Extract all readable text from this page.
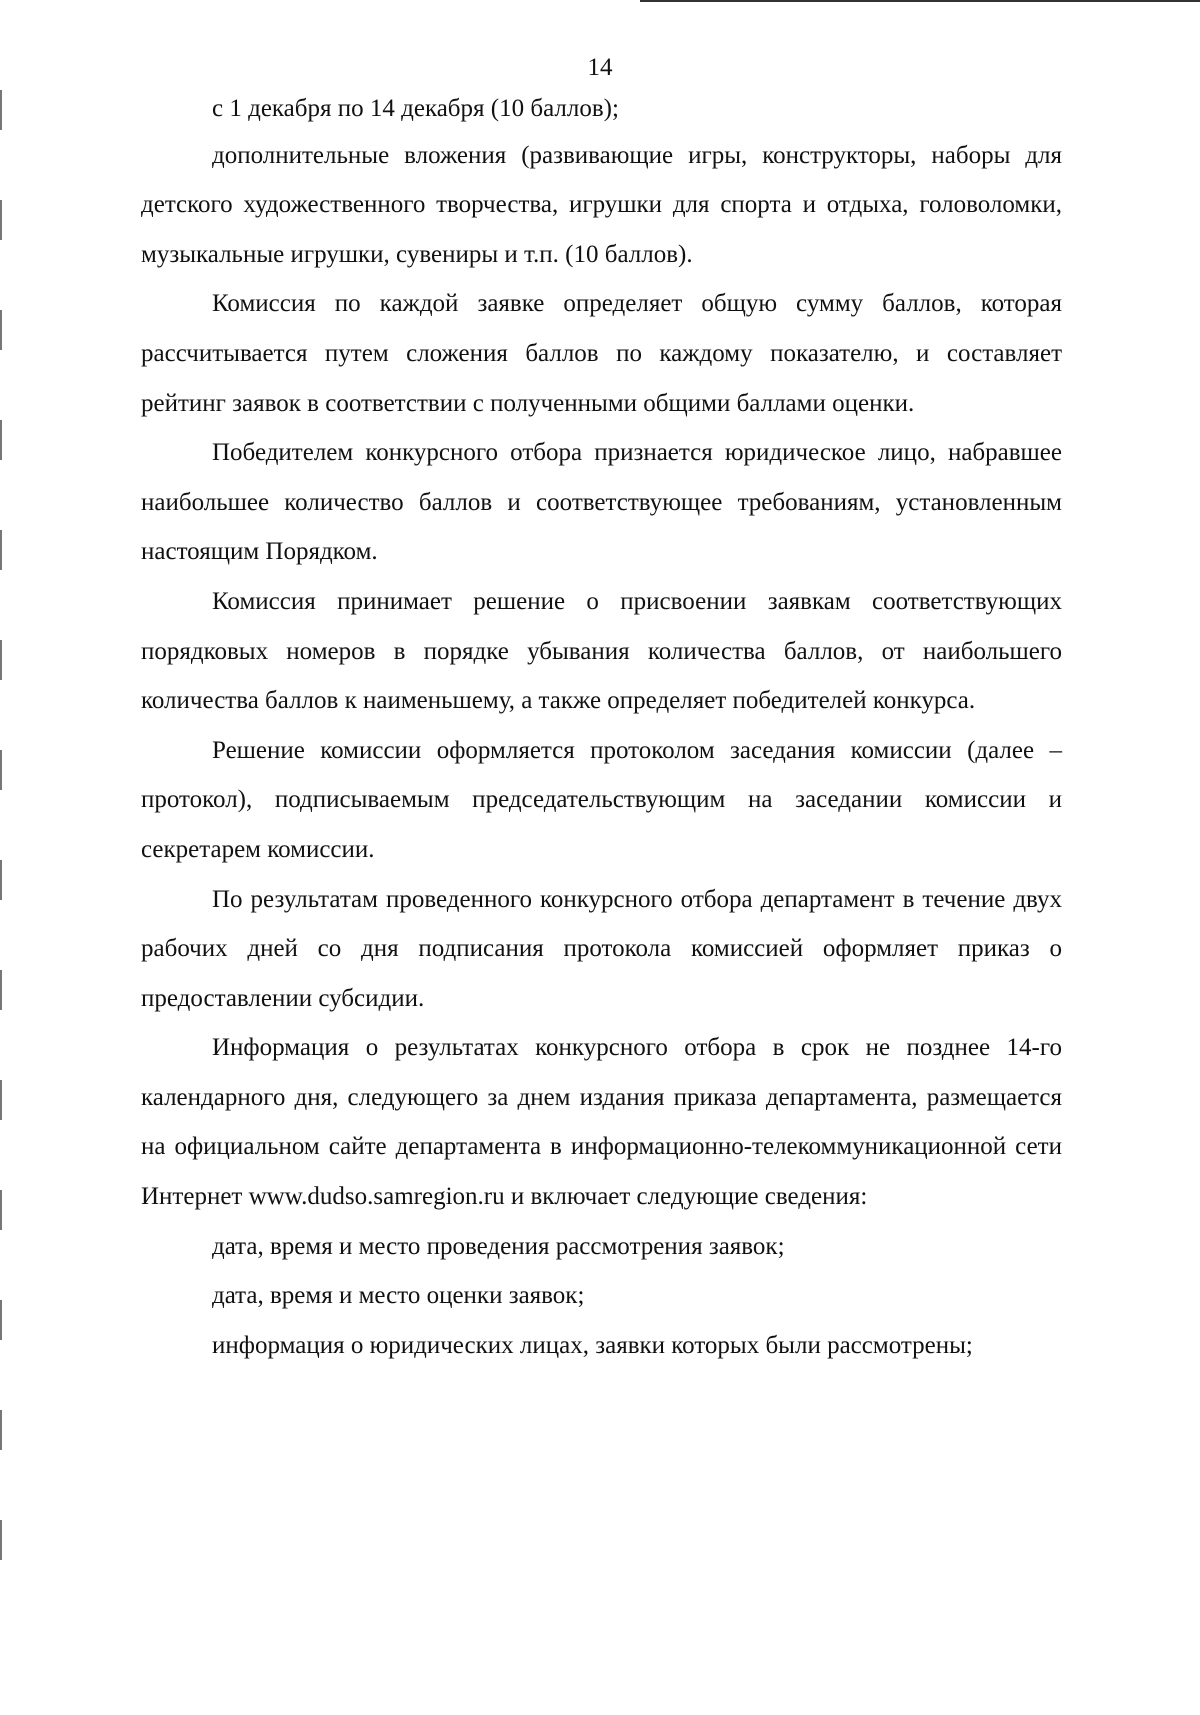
14

с 1 декабря по 14 декабря (10 баллов);

дополнительные вложения (развивающие игры, конструкторы, наборы для детского художественного творчества, игрушки для спорта и отдыха, головоломки, музыкальные игрушки, сувениры и т.п. (10 баллов).

Комиссия по каждой заявке определяет общую сумму баллов, которая рассчитывается путем сложения баллов по каждому показателю, и составляет рейтинг заявок в соответствии с полученными общими баллами оценки.

Победителем конкурсного отбора признается юридическое лицо, набравшее наибольшее количество баллов и соответствующее требованиям, установленным настоящим Порядком.

Комиссия принимает решение о присвоении заявкам соответствующих порядковых номеров в порядке убывания количества баллов, от наибольшего количества баллов к наименьшему, а также определяет победителей конкурса.

Решение комиссии оформляется протоколом заседания комиссии (далее – протокол), подписываемым председательствующим на заседании комиссии и секретарем комиссии.

По результатам проведенного конкурсного отбора департамент в течение двух рабочих дней со дня подписания протокола комиссией оформляет приказ о предоставлении субсидии.

Информация о результатах конкурсного отбора в срок не позднее 14-го календарного дня, следующего за днем издания приказа департамента, размещается на официальном сайте департамента в информационно-телекоммуникационной сети Интернет www.dudso.samregion.ru и включает следующие сведения:

дата, время и место проведения рассмотрения заявок;

дата, время и место оценки заявок;

информация о юридических лицах, заявки которых были рассмотрены;
